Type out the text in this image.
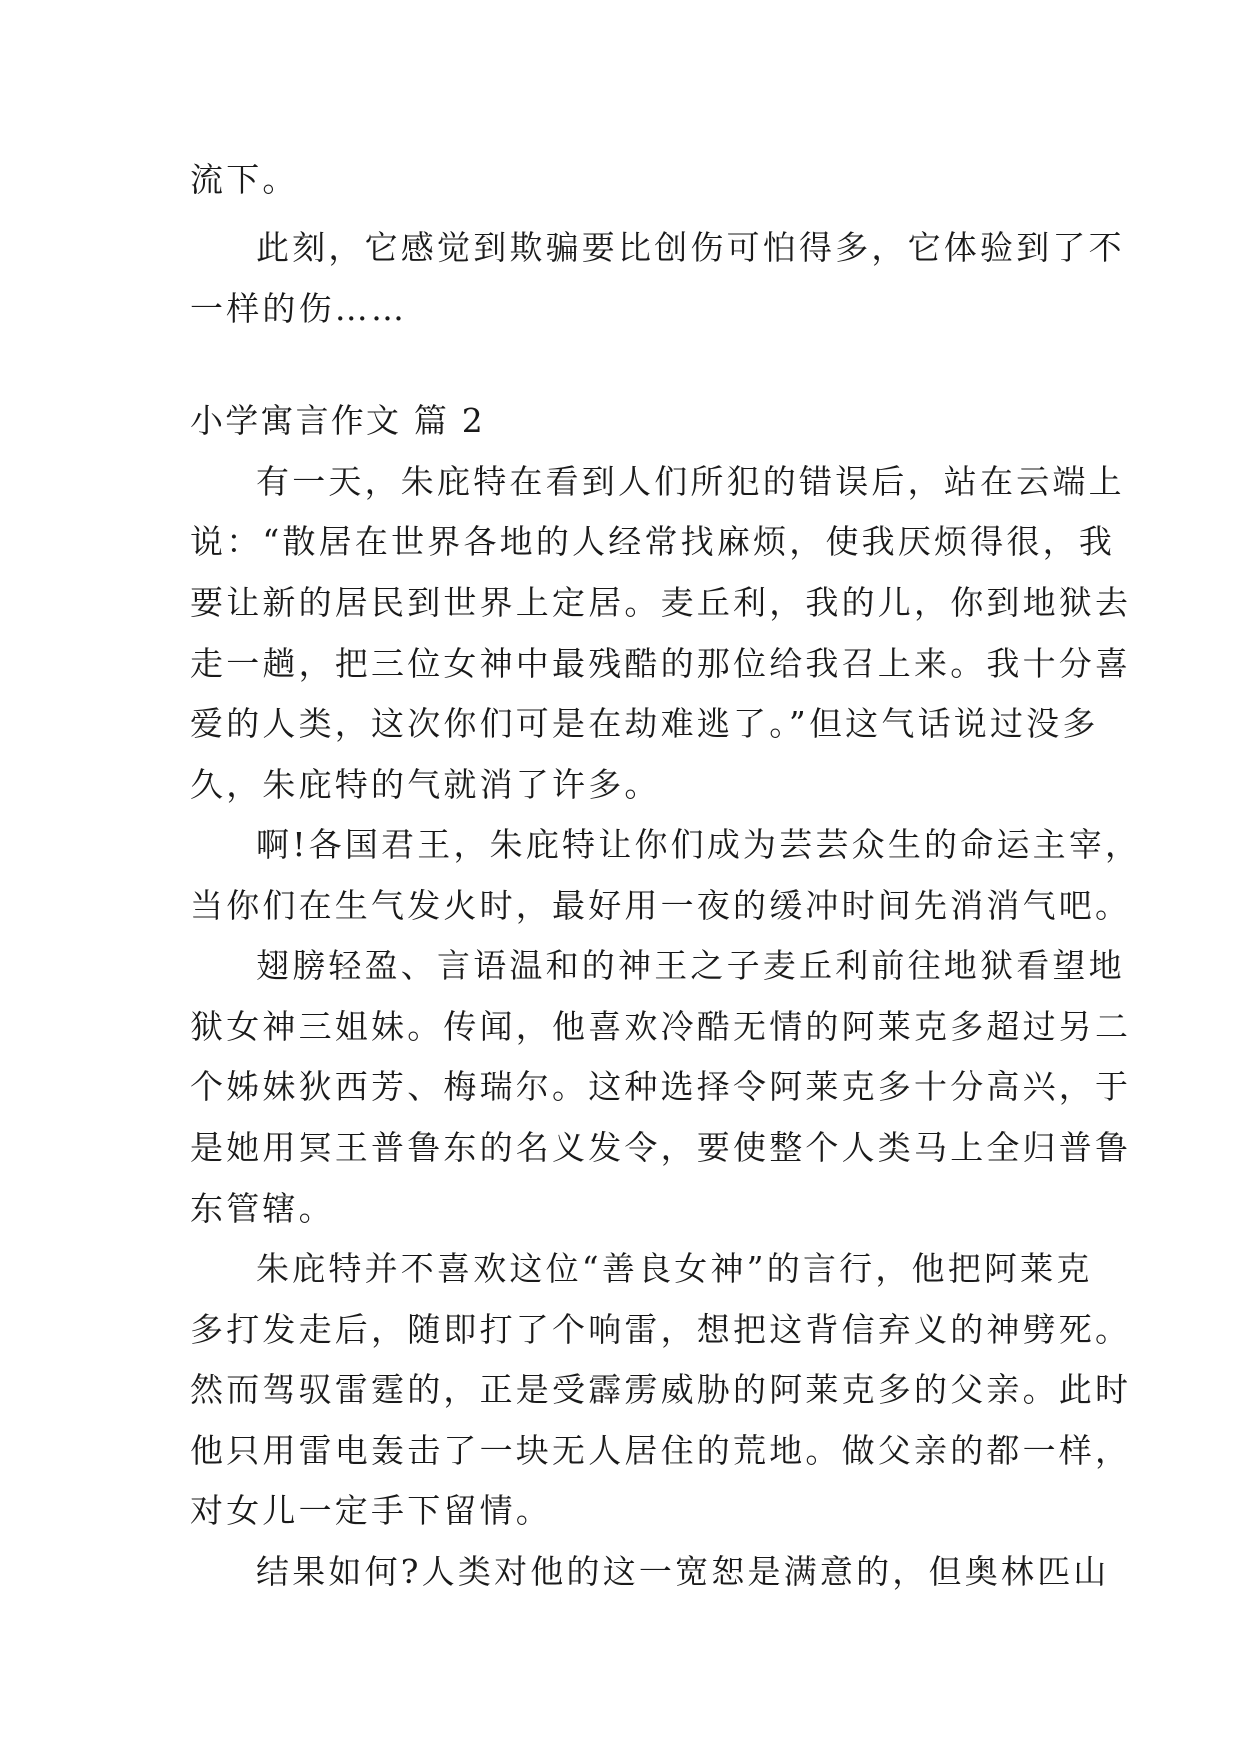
流下。
此刻，它感觉到欺骗要比创伤可怕得多，它体验到了不
一样的伤……
小学寓言作文 篇 2
有一天，朱庇特在看到人们所犯的错误后，站在云端上
说：“散居在世界各地的人经常找麻烦，使我厌烦得很，我
要让新的居民到世界上定居。麦丘利，我的儿，你到地狱去
走一趟，把三位女神中最残酷的那位给我召上来。我十分喜
爱的人类，这次你们可是在劫难逃了。”但这气话说过没多
久，朱庇特的气就消了许多。
啊!各国君王，朱庇特让你们成为芸芸众生的命运主宰，
当你们在生气发火时，最好用一夜的缓冲时间先消消气吧。
翅膀轻盈、言语温和的神王之子麦丘利前往地狱看望地
狱女神三姐妹。传闻，他喜欢冷酷无情的阿莱克多超过另二
个姊妹狄西芳、梅瑞尔。这种选择令阿莱克多十分高兴，于
是她用冥王普鲁东的名义发令，要使整个人类马上全归普鲁
东管辖。
朱庇特并不喜欢这位“善良女神”的言行，他把阿莱克
多打发走后，随即打了个响雷，想把这背信弃义的神劈死。
然而驾驭雷霆的，正是受霹雳威胁的阿莱克多的父亲。此时
他只用雷电轰击了一块无人居住的荒地。做父亲的都一样，
对女儿一定手下留情。
结果如何?人类对他的这一宽恕是满意的，但奥林匹山
